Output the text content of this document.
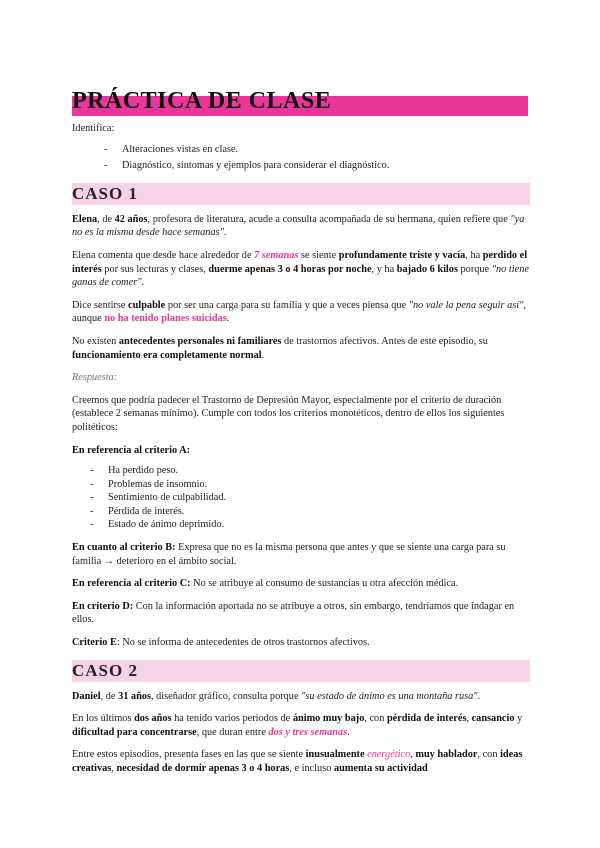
PRÁCTICA DE CLASE

Identifica:

- Alteraciones vistas en clase.
- Diagnóstico, síntomas y ejemplos para considerar el diagnóstico.
CASO 1

Elena, de 42 años, profesora de literatura, acude a consulta acompañada de su hermana, quien refiere que "ya no es la misma desde hace semanas".

Elena comenta que desde hace alrededor de 7 semanas se siente profundamente triste y vacía, ha perdido el interés por sus lecturas y clases, duerme apenas 3 o 4 horas por noche, y ha bajado 6 kilos porque "no tiene ganas de comer".

Dice sentirse culpable por ser una carga para su familia y que a veces piensa que "no vale la pena seguir así", aunque no ha tenido planes suicidas.

No existen antecedentes personales ni familiares de trastornos afectivos. Antes de este episodio, su funcionamiento era completamente normal.

Respuesta:

Creemos que podría padecer el Trastorno de Depresión Mayor, especialmente por el criterio de duración (establece 2 semanas mínimo). Cumple con todos los criterios monotéticos, dentro de ellos los siguientes politéticos:

En referencia al criterio A:

- Ha perdido peso.
- Problemas de insomnio.
- Sentimiento de culpabilidad.
- Pérdida de interés.
- Estado de ánimo deprimido.

En cuanto al criterio B: Expresa que no es la misma persona que antes y que se siente una carga para su familia → deterioro en el ámbito social.

En referencia al criterio C: No se atribuye al consumo de sustancias u otra afección médica.

En criterio D: Con la información aportada no se atribuye a otros, sin embargo, tendríamos que indagar en ellos.

Criterio E: No se informa de antecedentes de otros trastornos afectivos.

CASO 2

Daniel, de 31 años, diseñador gráfico, consulta porque "su estado de ánimo es una montaña rusa".

En los últimos dos años ha tenido varios periodos de ánimo muy bajo, con pérdida de interés, cansancio y dificultad para concentrarse, que duran entre dos y tres semanas.

Entre estos episodios, presenta fases en las que se siente inusualmente energético, muy hablador, con ideas creativas, necesidad de dormir apenas 3 o 4 horas, e incluso aumenta su actividad
